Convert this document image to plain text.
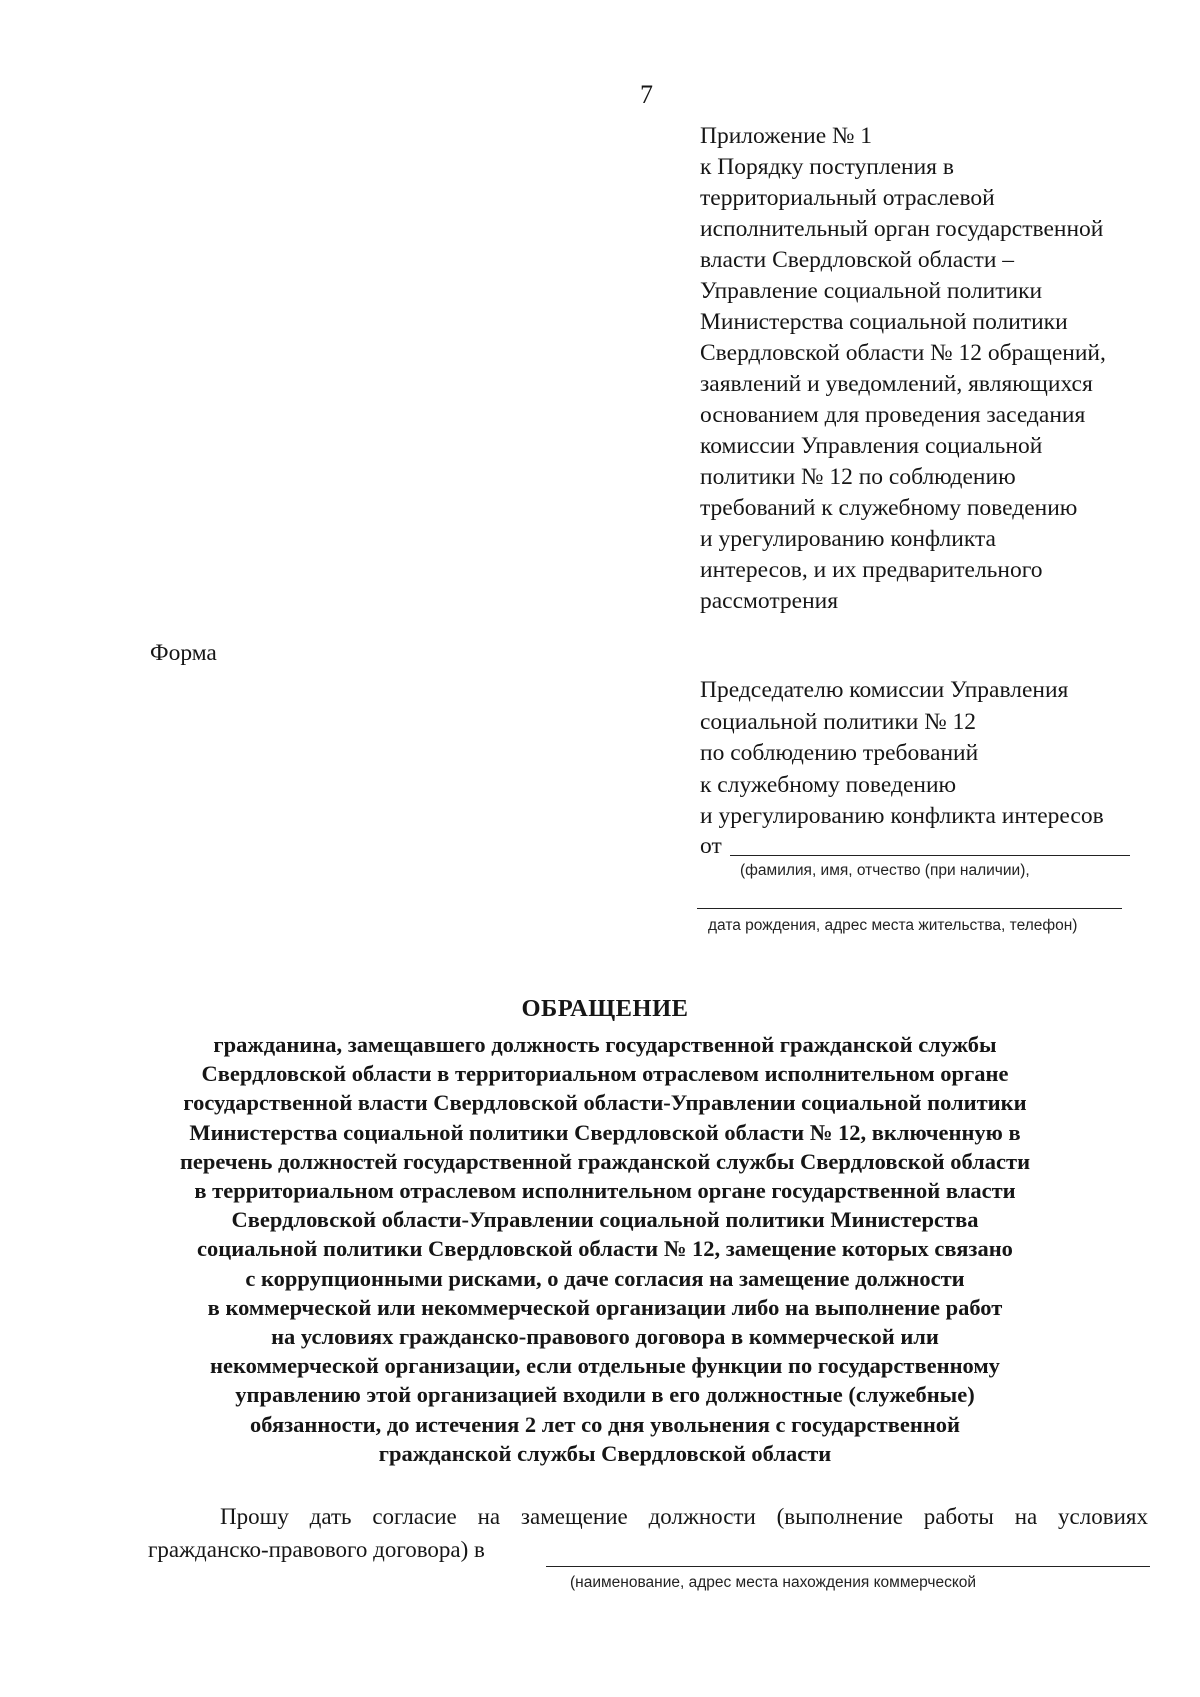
7
Приложение № 1
к Порядку поступления в
территориальный отраслевой
исполнительный орган государственной
власти Свердловской области –
Управление социальной политики
Министерства социальной политики
Свердловской области № 12 обращений,
заявлений и уведомлений, являющихся
основанием для проведения заседания
комиссии Управления социальной
политики № 12 по соблюдению
требований к служебному поведению
и урегулированию конфликта
интересов, и их предварительного
рассмотрения
Форма
Председателю комиссии Управления
социальной политики № 12
по соблюдению требований
к служебному поведению
и урегулированию конфликта интересов
от
(фамилия, имя, отчество (при наличии),
дата рождения, адрес места жительства, телефон)
ОБРАЩЕНИЕ
гражданина, замещавшего должность государственной гражданской службы
Свердловской области в территориальном отраслевом исполнительном органе
государственной власти Свердловской области-Управлении социальной политики
Министерства социальной политики Свердловской области № 12, включенную в
перечень должностей государственной гражданской службы Свердловской области
в территориальном отраслевом исполнительном органе государственной власти
Свердловской области-Управлении социальной политики Министерства
социальной политики Свердловской области № 12, замещение которых связано
с коррупционными рисками, о даче согласия на замещение должности
в коммерческой или некоммерческой организации либо на выполнение работ
на условиях гражданско-правового договора в коммерческой или
некоммерческой организации, если отдельные функции по государственному
управлению этой организацией входили в его должностные (служебные)
обязанности, до истечения 2 лет со дня увольнения с государственной
гражданской службы Свердловской области
Прошу дать согласие на замещение должности (выполнение работы на условиях
гражданско-правового договора) в
(наименование, адрес места нахождения коммерческой
